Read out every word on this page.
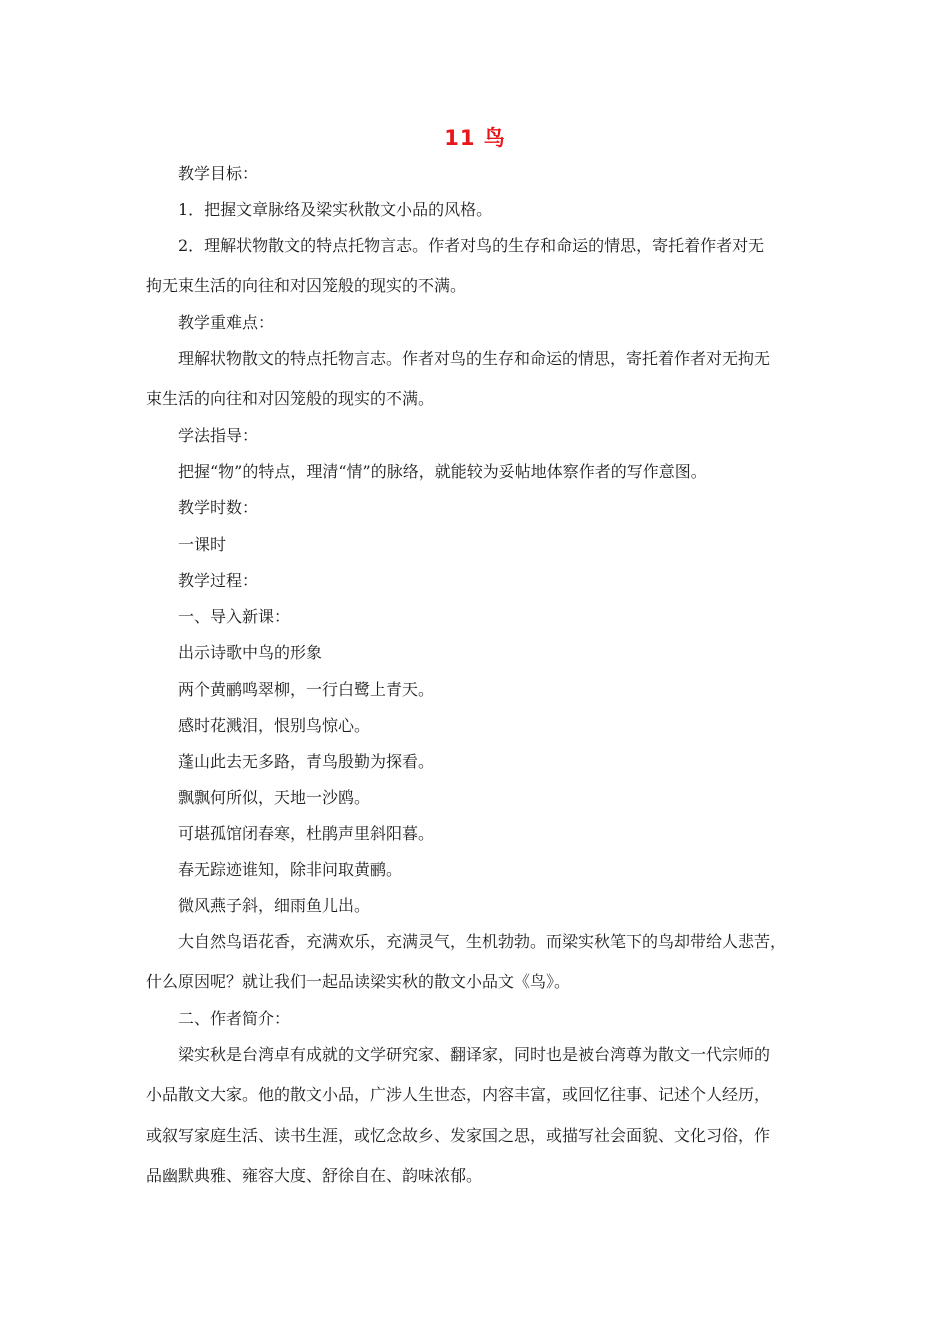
11 鸟
教学目标：
1．把握文章脉络及梁实秋散文小品的风格。
2．理解状物散文的特点托物言志。作者对鸟的生存和命运的情思，寄托着作者对无
拘无束生活的向往和对囚笼般的现实的不满。
教学重难点：
理解状物散文的特点托物言志。作者对鸟的生存和命运的情思，寄托着作者对无拘无
束生活的向往和对囚笼般的现实的不满。
学法指导：
把握“物”的特点，理清“情”的脉络，就能较为妥帖地体察作者的写作意图。
教学时数：
一课时
教学过程：
一、导入新课：
出示诗歌中鸟的形象
两个黄鹂鸣翠柳，一行白鹭上青天。
感时花溅泪，恨别鸟惊心。
蓬山此去无多路，青鸟殷勤为探看。
飘飘何所似，天地一沙鸥。
可堪孤馆闭春寒，杜鹃声里斜阳暮。
春无踪迹谁知，除非问取黄鹂。
微风燕子斜，细雨鱼儿出。
大自然鸟语花香，充满欢乐，充满灵气，生机勃勃。而梁实秋笔下的鸟却带给人悲苦，
什么原因呢？就让我们一起品读梁实秋的散文小品文《鸟》。
二、作者简介：
梁实秋是台湾卓有成就的文学研究家、翻译家，同时也是被台湾尊为散文一代宗师的
小品散文大家。他的散文小品，广涉人生世态，内容丰富，或回忆往事、记述个人经历，
或叙写家庭生活、读书生涯，或忆念故乡、发家国之思，或描写社会面貌、文化习俗，作
品幽默典雅、雍容大度、舒徐自在、韵味浓郁。
